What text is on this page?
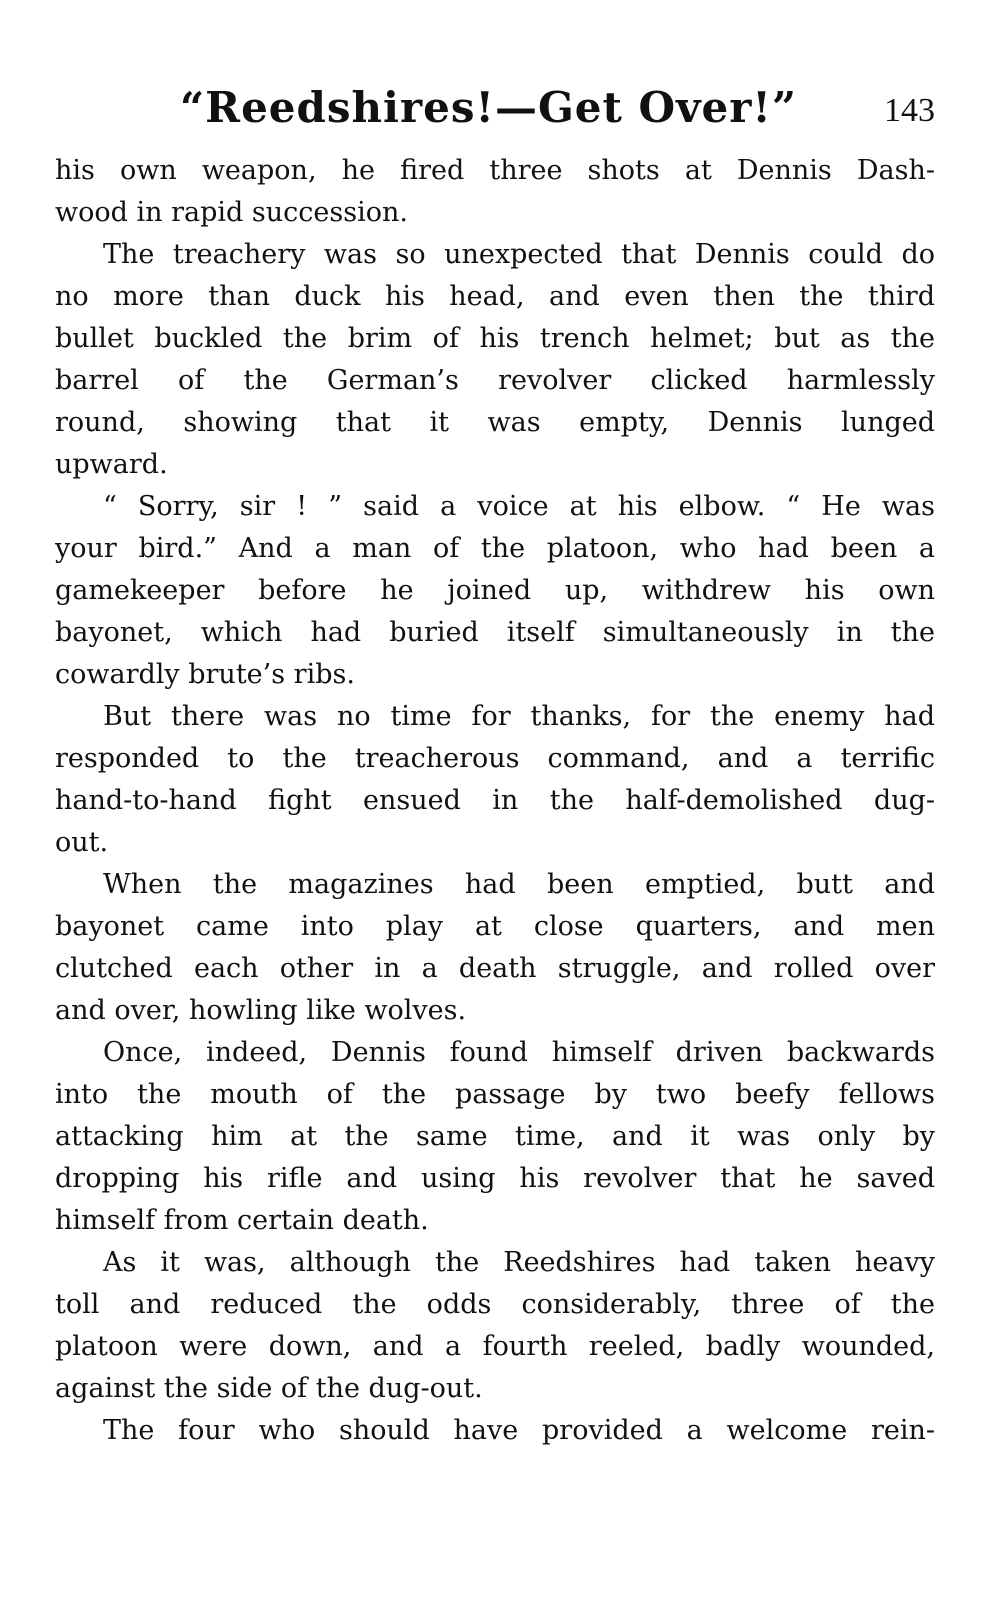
“Reedshires!—Get Over!”	143
his own weapon, he fired three shots at Dennis Dash-
wood in rapid succession.
The treachery was so unexpected that Dennis could do
no more than duck his head, and even then the third
bullet buckled the brim of his trench helmet; but as the
barrel of the German’s revolver clicked harmlessly
round, showing that it was empty, Dennis lunged
upward.
“ Sorry, sir ! ” said a voice at his elbow. “ He was
your bird.” And a man of the platoon, who had been a
gamekeeper before he joined up, withdrew his own
bayonet, which had buried itself simultaneously in the
cowardly brute’s ribs.
But there was no time for thanks, for the enemy had
responded to the treacherous command, and a terrific
hand-to-hand fight ensued in the half-demolished dug-
out.
When the magazines had been emptied, butt and
bayonet came into play at close quarters, and men
clutched each other in a death struggle, and rolled over
and over, howling like wolves.
Once, indeed, Dennis found himself driven backwards
into the mouth of the passage by two beefy fellows
attacking him at the same time, and it was only by
dropping his rifle and using his revolver that he saved
himself from certain death.
As it was, although the Reedshires had taken heavy
toll and reduced the odds considerably, three of the
platoon were down, and a fourth reeled, badly wounded,
against the side of the dug-out.
The four who should have provided a welcome rein-
